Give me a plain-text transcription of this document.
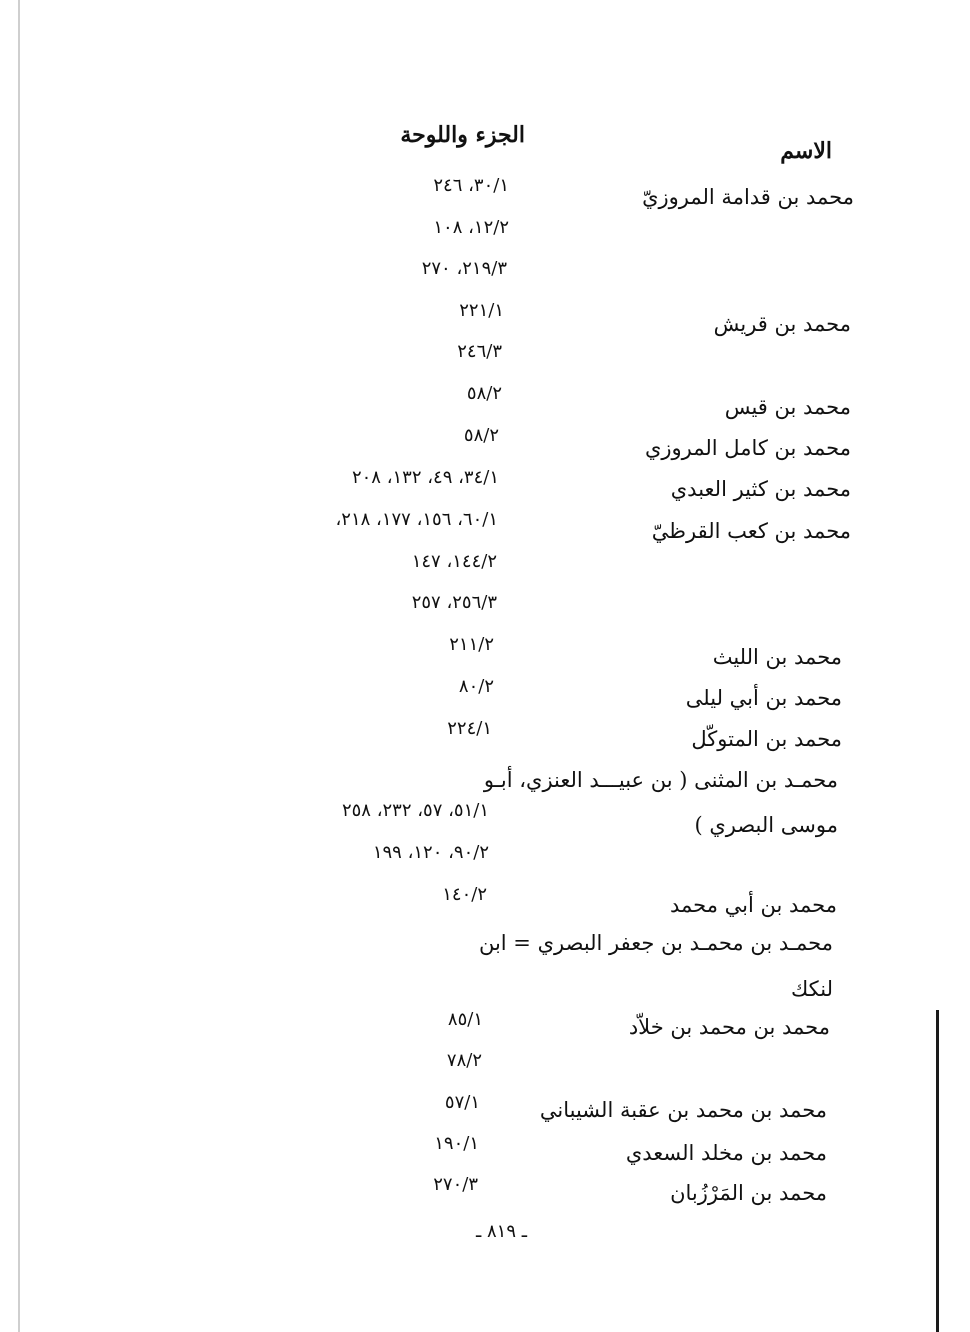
الاسم
الجزء واللوحة
محمد بن قدامة المروزيّ
محمد بن قريش
محمد بن قيس
محمد بن كامل المروزي
محمد بن كثير العبدي
محمد بن كعب القرظيّ
محمد بن الليث
محمد بن أبي ليلى
محمد بن المتوكّل
محمـد بن المثنى ( بن عبيـــد العنزي، أبـو
موسى البصري )
محمد بن أبي محمد
محمـد بن محمـد بن جعفر البصري = ابن
لنكك
محمد بن محمد بن خلاّد
محمد بن محمد بن عقبة الشيباني
محمد بن مخلد السعدي
محمد بن المَرْزُبان
٣٠/١، ٢٤٦
١٢/٢، ١٠٨
٢١٩/٣، ٢٧٠
٢٢١/١
٢٤٦/٣
٥٨/٢
٥٨/٢
٣٤/١، ٤٩، ١٣٢، ٢٠٨
٦٠/١، ١٥٦، ١٧٧، ٢١٨،
١٤٤/٢، ١٤٧
٢٥٦/٣، ٢٥٧
٢١١/٢
٨٠/٢
٢٢٤/١
٥١/١، ٥٧، ٢٣٢، ٢٥٨
٩٠/٢، ١٢٠، ١٩٩
١٤٠/٢
٨٥/١
٧٨/٢
٥٧/١
١٩٠/١
٢٧٠/٣
ـ ٨١٩ ـ
